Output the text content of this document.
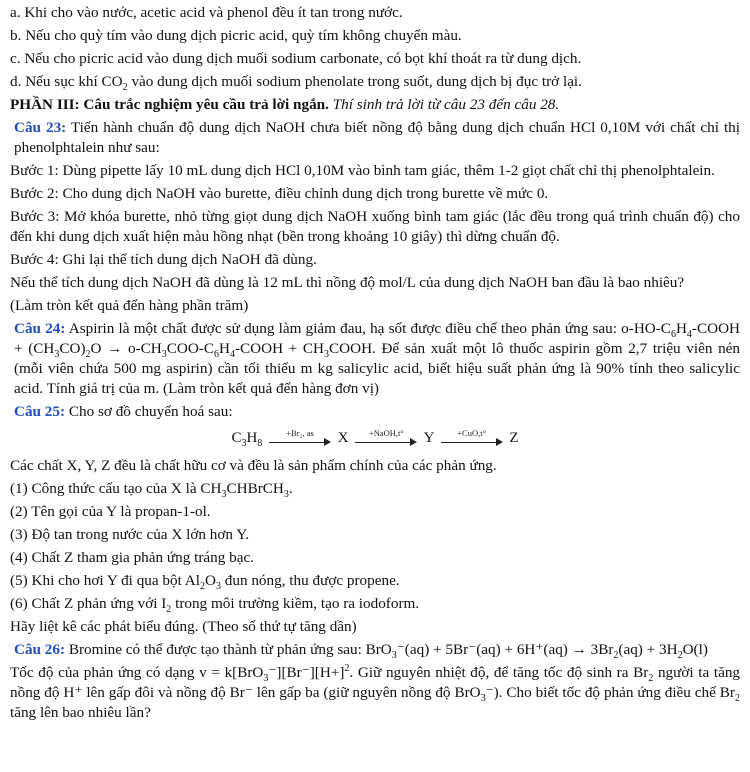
a. Khi cho vào nước, acetic acid và phenol đều ít tan trong nước.

b. Nếu cho quỳ tím vào dung dịch picric acid, quỳ tím không chuyển màu.

c. Nếu cho picric acid vào dung dịch muối sodium carbonate, có bọt khí thoát ra từ dung dịch.

d. Nếu sục khí $CO_2$ vào dung dịch muối sodium phenolate trong suốt, dung dịch bị đục trở lại.

PHẦN III: Câu trắc nghiệm yêu cầu trả lời ngắn. Thí sinh trả lời từ câu 23 đến câu 28.

Câu 23: Tiến hành chuẩn độ dung dịch NaOH chưa biết nồng độ bằng dung dịch chuẩn HCl 0,10M với chất chỉ thị phenolphtalein như sau:

Bước 1: Dùng pipette lấy 10 mL dung dịch HCl 0,10M vào bình tam giác, thêm 1-2 giọt chất chỉ thị phenolphtalein.

Bước 2: Cho dung dịch NaOH vào burette, điều chỉnh dung dịch trong burette về mức 0.

Bước 3: Mở khóa burette, nhỏ từng giọt dung dịch NaOH xuống bình tam giác (lắc đều trong quá trình chuẩn độ) cho đến khi dung dịch xuất hiện màu hồng nhạt (bền trong khoảng 10 giây) thì dừng chuẩn độ.

Bước 4: Ghi lại thể tích dung dịch NaOH đã dùng.

Nếu thể tích dung dịch NaOH đã dùng là 12 mL thì nồng độ mol/L của dung dịch NaOH ban đầu là bao nhiêu?

(Làm tròn kết quả đến hàng phần trăm)

Câu 24: Aspirin là một chất được sử dụng làm giảm đau, hạ sốt được điều chế theo phản ứng sau: $o-HO-C_6H_4$-COOH + $(CH_3CO)_2O$ → $o-CH_3COO-C_6H_4$-COOH + $CH_3COOH$. Để sản xuất một lô thuốc aspirin gồm 2,7 triệu viên nén (mỗi viên chứa 500 mg aspirin) cần tối thiểu m kg salicylic acid, biết hiệu suất phản ứng là 90% tính theo salicylic acid. Tính giá trị của m. (Làm tròn kết quả đến hàng đơn vị)

Câu 25: Cho sơ đồ chuyển hoá sau:

$C_3H_8$
+Br₂, as	X	+NaOH,t°	Y	+CuO,t°	Z

Các chất X, Y, Z đều là chất hữu cơ và đều là sản phẩm chính của các phản ứng.

(1) Công thức cấu tạo của X là $CH_3CHBrCH_3$.

(2) Tên gọi của Y là propan-1-ol.

(3) Độ tan trong nước của X lớn hơn Y.

(4) Chất Z tham gia phản ứng tráng bạc.

(5) Khi cho hơi Y đi qua bột $Al_2O_3$ đun nóng, thu được propene.

(6) Chất Z phản ứng với $I_2$ trong môi trường kiềm, tạo ra iodoform.

Hãy liệt kê các phát biểu đúng. (Theo số thứ tự tăng dần)

Câu 26: Bromine có thể được tạo thành từ phản ứng sau: $BrO_3^-(aq) + 5Br^-(aq) + 6H^+(aq) \to 3Br_2(aq) + 3H_2O(l)$

Tốc độ của phản ứng có dạng $v = k[BrO_3^-][Br^-][H+]^2$. Giữ nguyên nhiệt độ, để tăng tốc độ sinh ra $Br_2$ người ta tăng nồng độ H⁺ lên gấp đôi và nồng độ Br⁻ lên gấp ba (giữ nguyên nồng độ BrO$_3$⁻). Cho biết tốc độ phản ứng điều chế $Br_2$ tăng lên bao nhiêu lần?
